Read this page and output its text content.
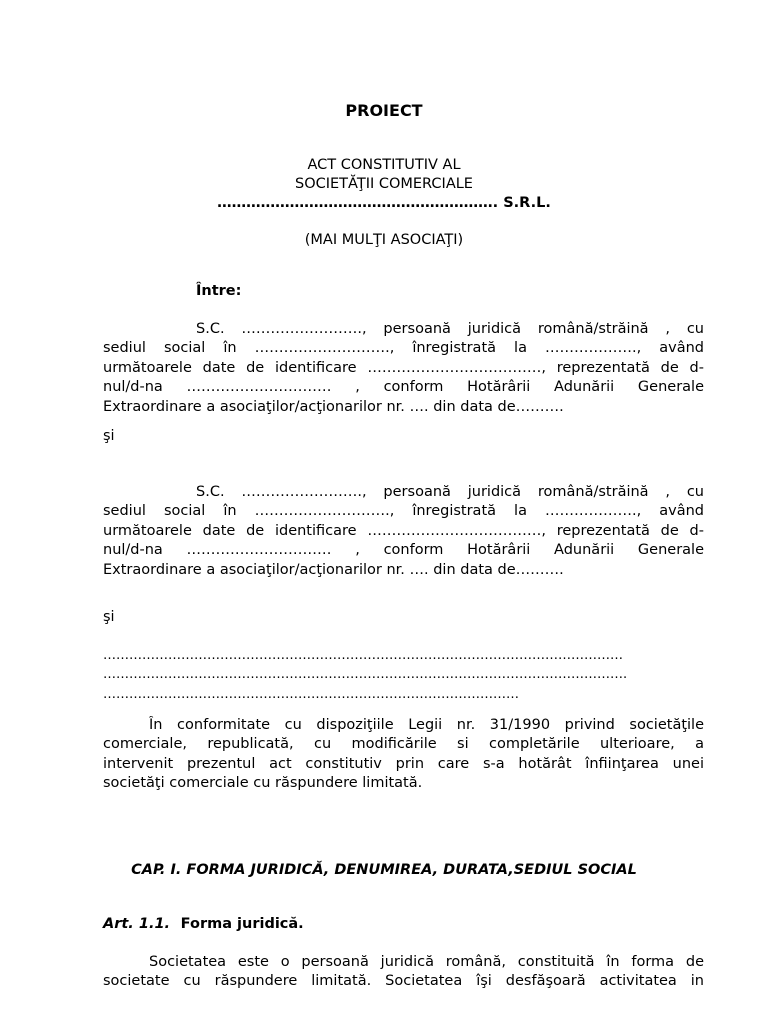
PROIECT
ACT CONSTITUTIV AL
SOCIETĂŢII COMERCIALE
…………………………………………………. S.R.L.
(MAI MULŢI ASOCIAŢI)
Între:
S.C. ……………………., persoană juridică română/străină , cu
sediul social în ………………………., înregistrată la ………………., având
următoarele date de identificare ………………………………, reprezentată de d-
nul/d-na ………………………… , conform Hotărârii Adunării Generale
Extraordinare a asociaţilor/acţionarilor nr. …. din data de……….
şi
S.C. ……………………., persoană juridică română/străină , cu
sediul social în ………………………., înregistrată la ………………., având
următoarele date de identificare ………………………………, reprezentată de d-
nul/d-na ………………………… , conform Hotărârii Adunării Generale
Extraordinare a asociaţilor/acţionarilor nr. …. din data de……….
şi
…………………………………………………………………………………………………………
………………………………………………………………………………………………………….
……………………………………………………………………………………
În conformitate cu dispoziţiile Legii nr. 31/1990 privind societăţile
comerciale, republicată, cu modificările si completările ulterioare, a
intervenit prezentul act constitutiv prin care s-a hotărât înfiinţarea unei
societăţi comerciale cu răspundere limitată.
CAP. I. FORMA JURIDICĂ, DENUMIREA, DURATA,SEDIUL SOCIAL
Art. 1.1. Forma juridică.
Societatea este o persoană juridică română, constituită în forma de
societate cu răspundere limitată. Societatea îşi desfăşoară activitatea in
